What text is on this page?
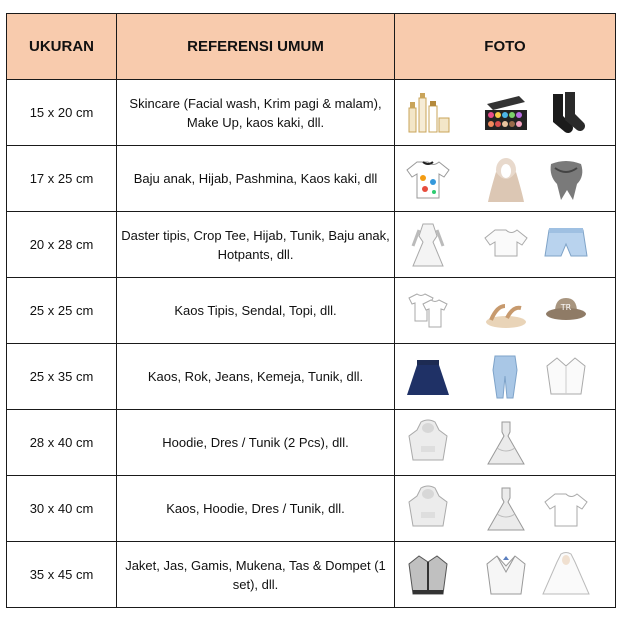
UKURAN	REFERENSI UMUM	FOTO
15 x 20 cm	Skincare (Facial wash, Krim pagi & malam), Make Up, kaos kaki, dll.	

17 x 25 cm	Baju anak, Hijab, Pashmina, Kaos kaki, dll	

20 x 28 cm	Daster tipis, Crop Tee, Hijab, Tunik, Baju anak, Hotpants, dll.	

25 x 25 cm	Kaos Tipis, Sendal, Topi, dll.	TR

25 x 35 cm	Kaos, Rok, Jeans, Kemeja, Tunik, dll.	

28 x 40 cm	Hoodie, Dres / Tunik (2 Pcs), dll.	

30 x 40 cm	Kaos, Hoodie, Dres / Tunik, dll.	

35 x 45 cm	Jaket, Jas, Gamis, Mukena, Tas & Dompet (1 set), dll.	
